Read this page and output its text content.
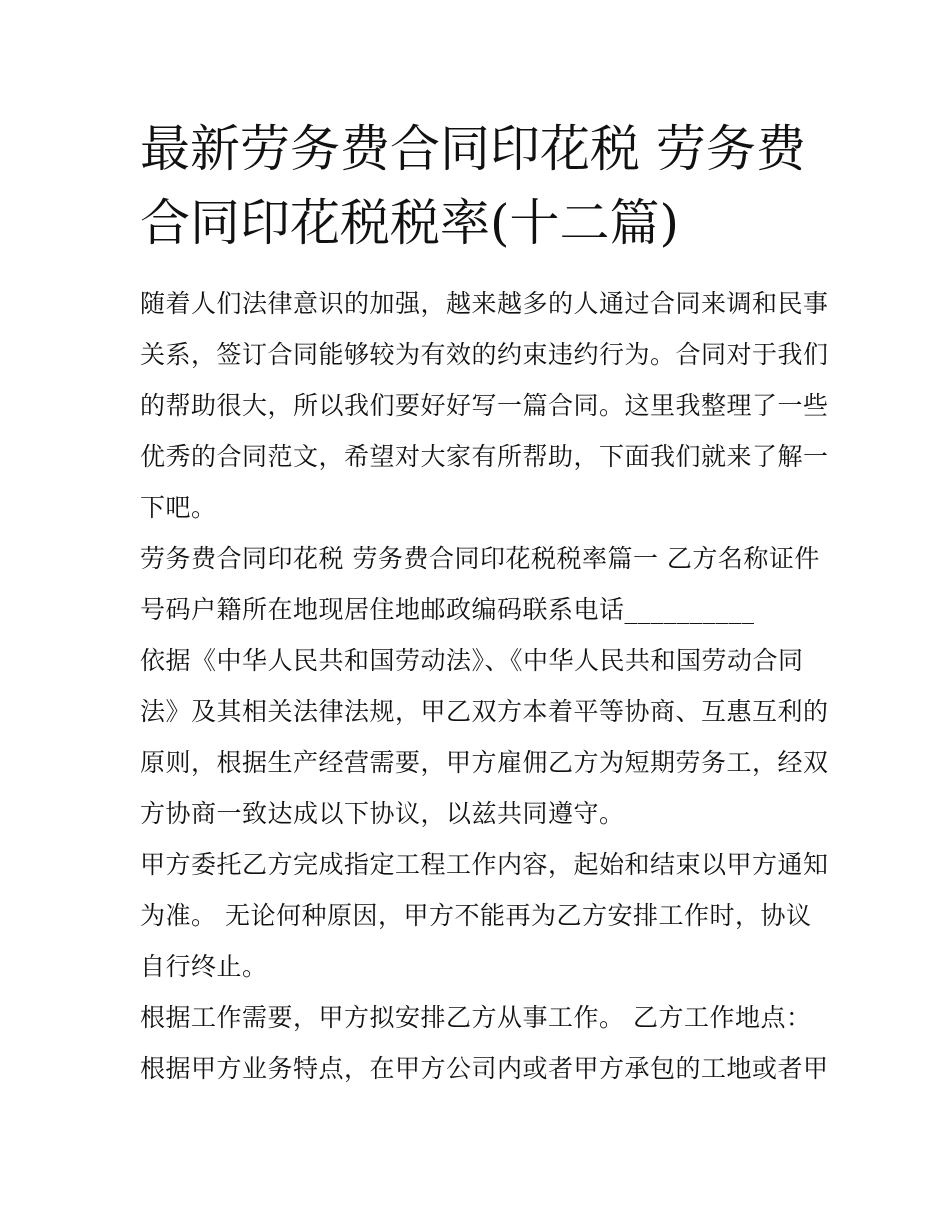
最新劳务费合同印花税 劳务费
合同印花税税率(十二篇)

随着人们法律意识的加强，越来越多的人通过合同来调和民事
关系，签订合同能够较为有效的约束违约行为。合同对于我们
的帮助很大，所以我们要好好写一篇合同。这里我整理了一些
优秀的合同范文，希望对大家有所帮助，下面我们就来了解一
下吧。

劳务费合同印花税 劳务费合同印花税税率篇一 乙方名称证件
号码户籍所在地现居住地邮政编码联系电话__________

依据《中华人民共和国劳动法》、《中华人民共和国劳动合同
法》及其相关法律法规，甲乙双方本着平等协商、互惠互利的
原则，根据生产经营需要，甲方雇佣乙方为短期劳务工，经双
方协商一致达成以下协议，以兹共同遵守。

甲方委托乙方完成指定工程工作内容，起始和结束以甲方通知
为准。 无论何种原因，甲方不能再为乙方安排工作时，协议
自行终止。

根据工作需要，甲方拟安排乙方从事工作。 乙方工作地点：
根据甲方业务特点，在甲方公司内或者甲方承包的工地或者甲
